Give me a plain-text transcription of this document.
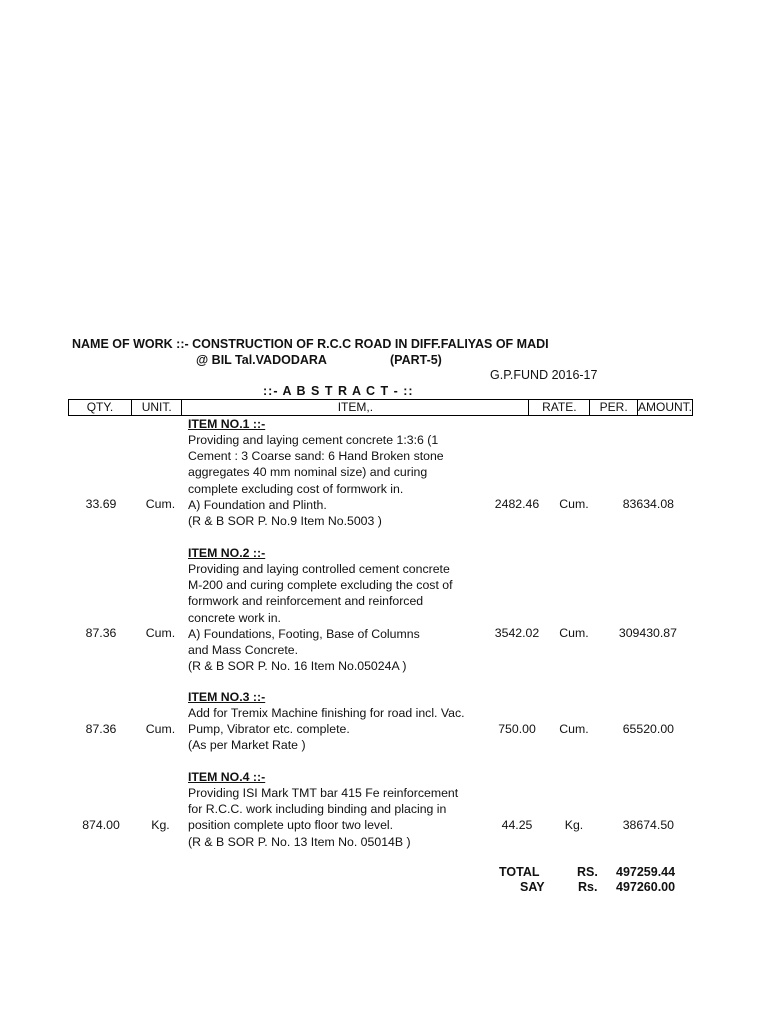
NAME OF WORK ::- CONSTRUCTION OF R.C.C ROAD IN DIFF.FALIYAS OF MADI
@ BIL Tal.VADODARA	(PART-5)
G.P.FUND 2016-17
::- A B S T R A C T - ::
QTY.	UNIT.	ITEM,.	RATE.	PER. AMOUNT.
ITEM NO.1 ::-
Providing and laying cement concrete 1:3:6 (1
Cement : 3 Coarse sand: 6 Hand Broken stone
aggregates 40 mm nominal size) and curing
complete excluding cost of formwork in.
A) Foundation and Plinth.
(R & B SOR P. No.9 Item No.5003 )
33.69	Cum.	2482.46	Cum.	83634.08
ITEM NO.2 ::-
Providing and laying controlled cement concrete
M-200 and curing complete excluding the cost of
formwork and reinforcement and reinforced
concrete work in.
A) Foundations, Footing, Base of Columns
and Mass Concrete.
(R & B SOR P. No. 16 Item No.05024A )
87.36	Cum.	3542.02	Cum.	309430.87
ITEM NO.3 ::-
Add for Tremix Machine finishing for road incl. Vac.
Pump, Vibrator etc. complete.
(As per Market Rate )
87.36	Cum.	750.00	Cum.	65520.00
ITEM NO.4 ::-
Providing ISI Mark TMT bar 415 Fe reinforcement
for R.C.C. work including binding and placing in
position complete upto floor two level.
(R & B SOR P. No. 13 Item No. 05014B )
874.00	Kg.	44.25	Kg.	38674.50
TOTAL	RS. 497259.44
SAY	Rs. 497260.00
